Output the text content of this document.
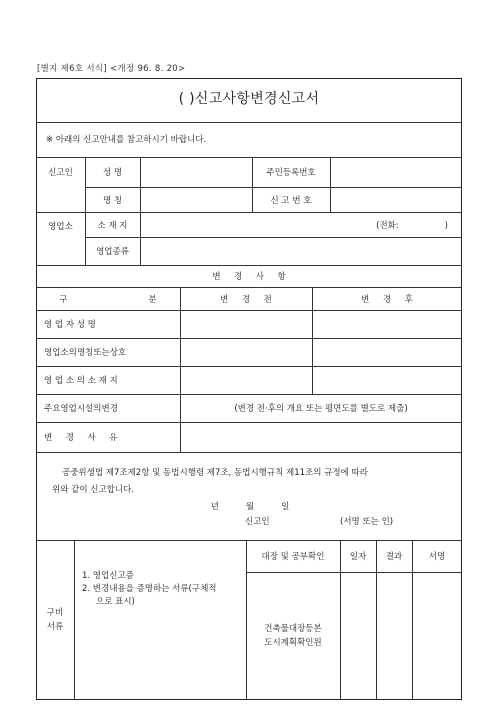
[별지 제6호 서식] <개정 96. 8. 20>
( )신고사항변경신고서
※ 아래의 신고안내를 참고하시기 바랍니다.
신고인	성 명	주민등록번호
영업소
명 칭	신 고 번 호
소 재 지	(전화:                 )
영업종류
변     경     사     항
구                              분	변     경     전	변     경     후
영 업 자 성 명
영업소의명칭또는상호
영 업 소 의 소 재 지
주요영업시설의변경	(변경 전·후의 개요 또는 평면도를 별도로 제출)
변     경     사     유
공중위생법 제7조제2항 및 동법시행령 제7조, 동법시행규칙 제11조의 규정에 따라
위와 같이 신고합니다.
년          월          일
신고인	(서명 또는 인)
구비
서류
1. 영업신고증
2. 변경내용을 증명하는 서류(구체적
으로 표시)
대장 및 공부확인	일자	결과	서명
건축물대장등본
도시계획확인원
